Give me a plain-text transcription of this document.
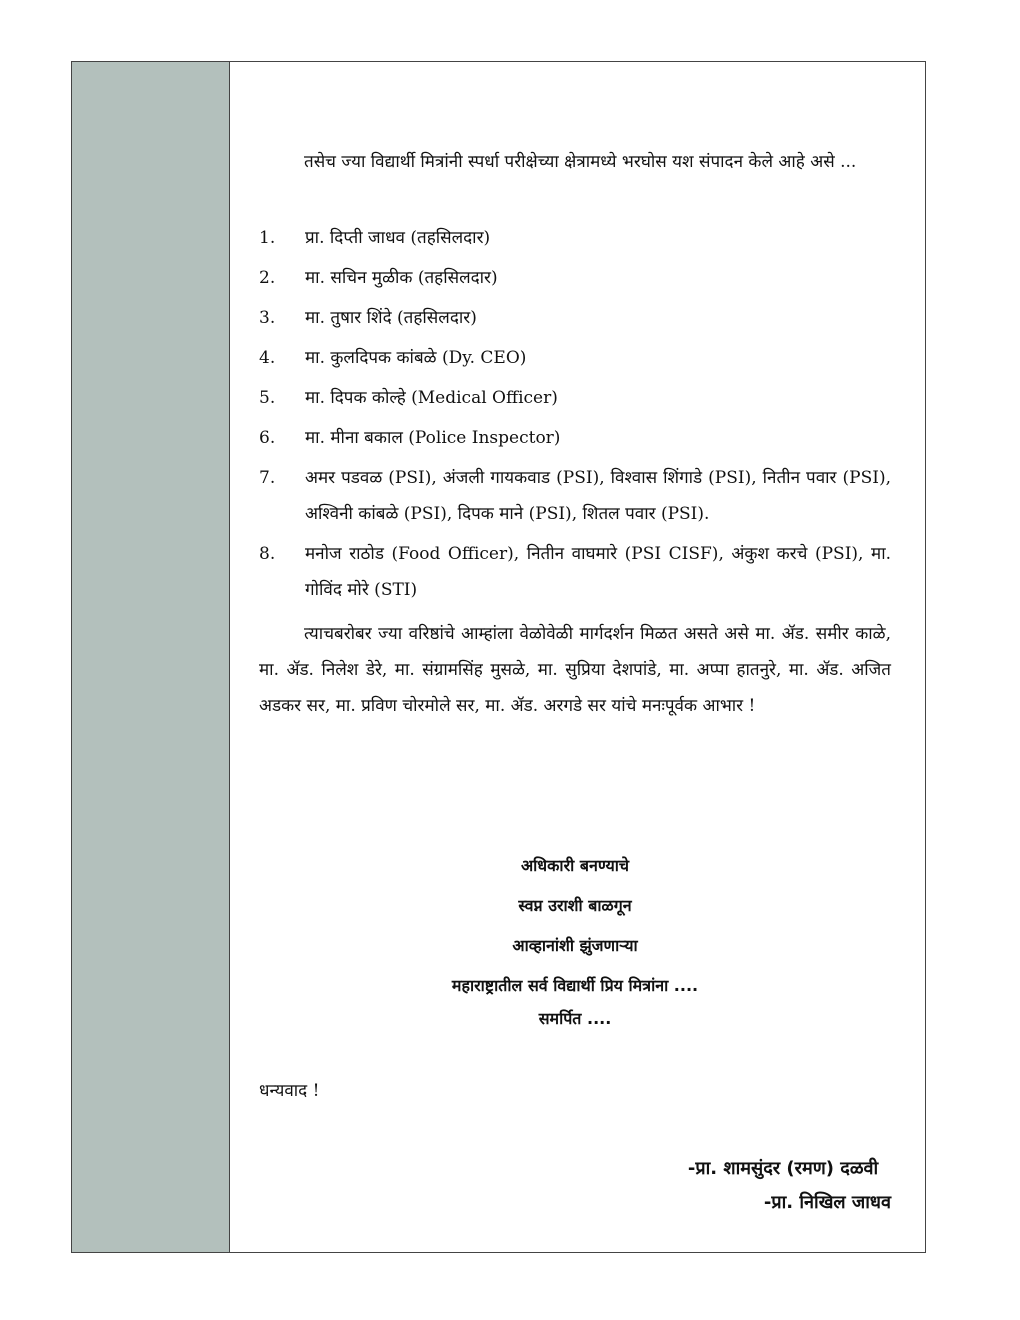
तसेच ज्या विद्यार्थी मित्रांनी स्पर्धा परीक्षेच्या क्षेत्रामध्ये भरघोस यश संपादन केले आहे असे ...

1.	प्रा. दिप्ती जाधव (तहसिलदार)
2.	मा. सचिन मुळीक (तहसिलदार)
3.	मा. तुषार शिंदे (तहसिलदार)
4.	मा. कुलदिपक कांबळे (Dy. CEO)
5.	मा. दिपक कोल्हे (Medical Officer)
6.	मा. मीना बकाल (Police Inspector)
7.	अमर पडवळ (PSI), अंजली गायकवाड (PSI), विश्वास शिंगाडे (PSI), नितीन पवार (PSI), अश्विनी कांबळे (PSI), दिपक माने (PSI), शितल पवार (PSI).
8.	मनोज राठोड (Food Officer), नितीन वाघमारे (PSI CISF), अंकुश करचे (PSI), मा. गोविंद मोरे (STI)

त्याचबरोबर ज्या वरिष्ठांचे आम्हांला वेळोवेळी मार्गदर्शन मिळत असते असे मा. ॲड. समीर काळे, मा. ॲड. निलेश डेरे, मा. संग्रामसिंह मुसळे, मा. सुप्रिया देशपांडे, मा. अप्पा हातनुरे, मा. ॲड. अजित अडकर सर, मा. प्रविण चोरमोले सर, मा. ॲड. अरगडे सर यांचे मनःपूर्वक आभार !

अधिकारी बनण्याचे
स्वप्न उराशी बाळगून
आव्हानांशी झुंजणाऱ्या
महाराष्ट्रातील सर्व विद्यार्थी प्रिय मित्रांना ....
समर्पित ....
धन्यवाद !
-प्रा. शामसुंदर (रमण) दळवी
-प्रा. निखिल जाधव
